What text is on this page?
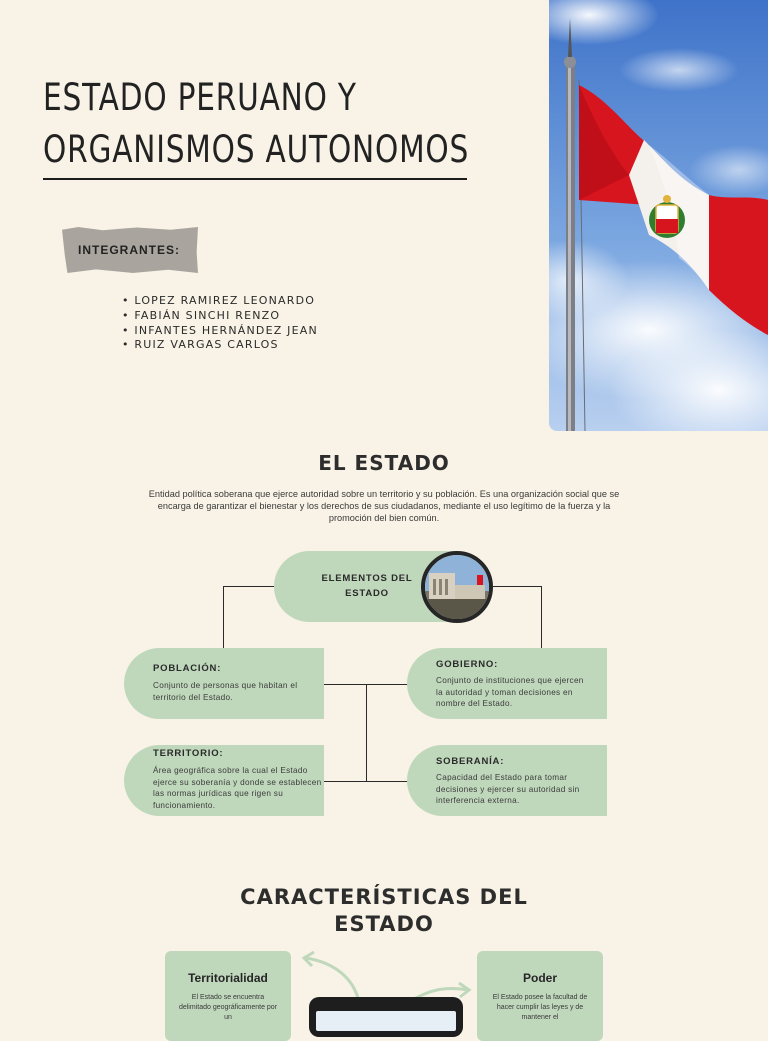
ESTADO PERUANO Y
ORGANISMOS AUTONOMOS
INTEGRANTES:
• LOPEZ RAMIREZ LEONARDO
• FABIÁN SINCHI RENZO
• INFANTES HERNÁNDEZ JEAN
• RUIZ VARGAS CARLOS
EL ESTADO
Entidad política soberana que ejerce autoridad sobre un territorio y su población. Es una organización social que se encarga de garantizar el bienestar y los derechos de sus ciudadanos, mediante el uso legítimo de la fuerza y la promoción del bien común.
ELEMENTOS DEL ESTADO
POBLACIÓN:
Conjunto de personas que habitan el territorio del Estado.
GOBIERNO:
Conjunto de instituciones que ejercen la autoridad y toman decisiones en nombre del Estado.
TERRITORIO:
Área geográfica sobre la cual el Estado ejerce su soberanía y donde se establecen las normas jurídicas que rigen su funcionamiento.
SOBERANÍA:
Capacidad del Estado para tomar decisiones y ejercer su autoridad sin interferencia externa.
CARACTERÍSTICAS DEL
ESTADO
Territorialidad
El Estado se encuentra delimitado geográficamente por un
Poder
El Estado posee la facultad de hacer cumplir las leyes y de mantener el
